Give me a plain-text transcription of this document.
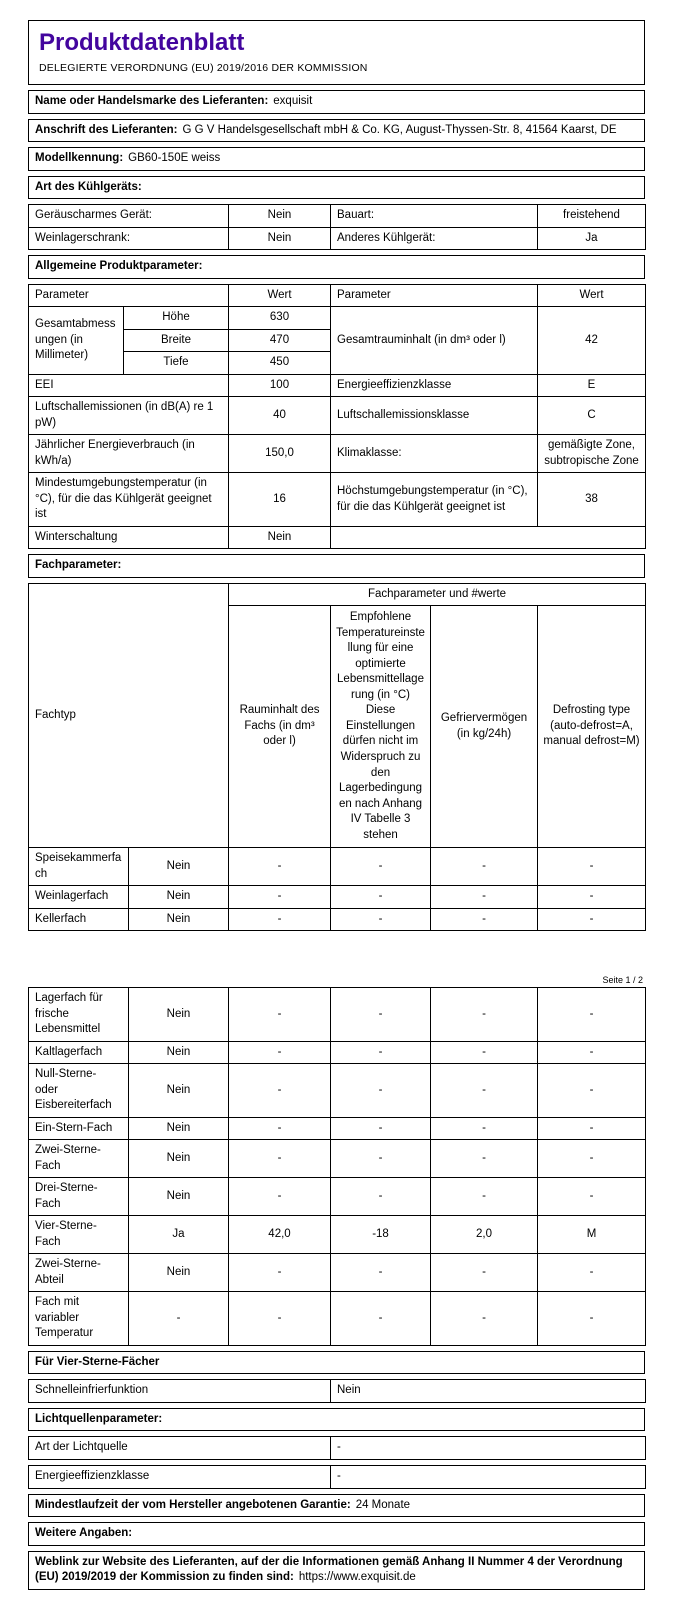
Produktdatenblatt
DELEGIERTE VERORDNUNG (EU) 2019/2016 DER KOMMISSION
Name oder Handelsmarke des Lieferanten: exquisit
Anschrift des Lieferanten: G G V Handelsgesellschaft mbH & Co. KG, August-Thyssen-Str. 8, 41564 Kaarst, DE
Modellkennung: GB60-150E weiss
Art des Kühlgeräts:
Geräuscharmes Gerät:	Nein	Bauart:	freistehend
Weinlagerschrank:	Nein	Anderes Kühlgerät:	Ja
Allgemeine Produktparameter:
Parameter		Wert	Parameter	Wert
Gesamtabmessungen (in Millimeter)	Höhe	630	Gesamtrauminhalt (in dm³ oder l)	42
	Breite	470		
	Tiefe	450		
EEI		100	Energieeffizienzklasse	E
Luftschallemissionen (in dB(A) re 1 pW)		40	Luftschallemissionsklasse	C
Jährlicher Energieverbrauch (in kWh/a)		150,0	Klimaklasse:	gemäßigte Zone, subtropische Zone
Mindestumgebungstemperatur (in °C), für die das Kühlgerät geeignet ist		16	Höchstumgebungstemperatur (in °C), für die das Kühlgerät geeignet ist	38
Winterschaltung		Nein		
Fachparameter:
Fachtyp		Fachparameter und #werte			
		Rauminhalt des Fachs (in dm³ oder l)	Empfohlene Temperatureinstellung für eine optimierte Lebensmittellagerung (in °C) Diese Einstellungen dürfen nicht im Widerspruch zu den Lagerbedingungen nach Anhang IV Tabelle 3 stehen	Gefriervermögen (in kg/24h)	Defrosting type (auto-defrost=A, manual defrost=M)
Speisekammerfach	Nein	-	-	-	-
Weinlagerfach	Nein	-	-	-	-
Kellerfach	Nein	-	-	-	-
Seite 1 / 2
Lagerfach für frische Lebensmittel	Nein	-	-	-	-
Kaltlagerfach	Nein	-	-	-	-
Null-Sterne- oder Eisbereiterfach	Nein	-	-	-	-
Ein-Stern-Fach	Nein	-	-	-	-
Zwei-Sterne-Fach	Nein	-	-	-	-
Drei-Sterne-Fach	Nein	-	-	-	-
Vier-Sterne-Fach	Ja	42,0	-18	2,0	M
Zwei-Sterne-Abteil	Nein	-	-	-	-
Fach mit variabler Temperatur	-	-	-	-	-
Für Vier-Sterne-Fächer
Schnelleinfrierfunktion	Nein
Lichtquellenparameter:
Art der Lichtquelle	-
Energieeffizienzklasse	-
Mindestlaufzeit der vom Hersteller angebotenen Garantie: 24 Monate
Weitere Angaben:
Weblink zur Website des Lieferanten, auf der die Informationen gemäß Anhang II Nummer 4 der Verordnung (EU) 2019/2019 der Kommission zu finden sind: https://www.exquisit.de
